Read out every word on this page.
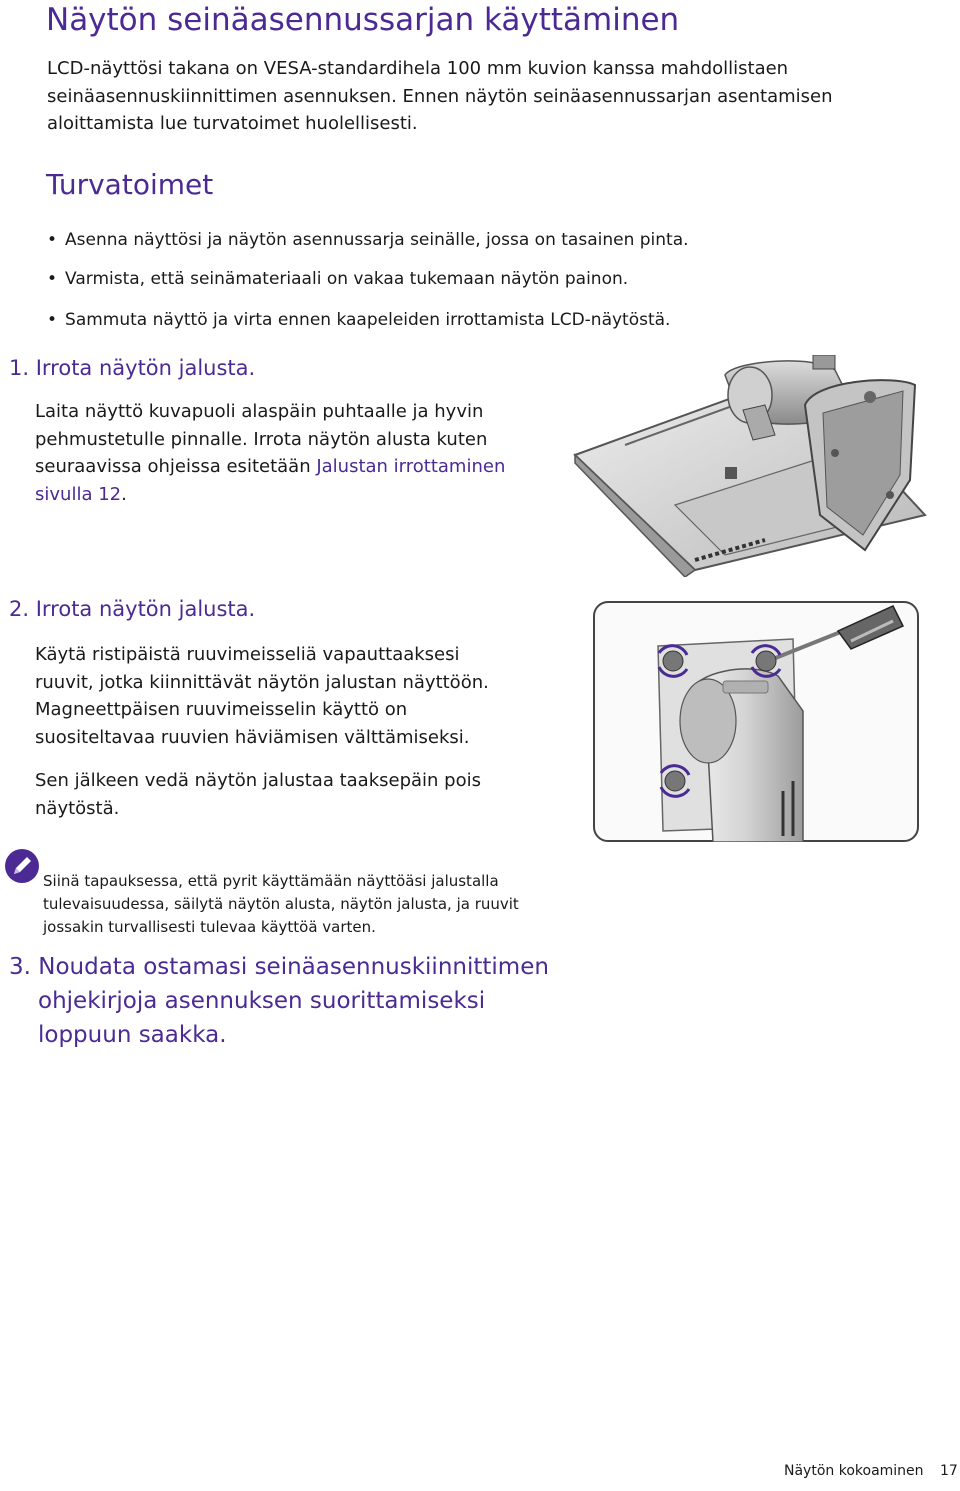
Näytön seinäasennussarjan käyttäminen
LCD-näyttösi takana on VESA-standardihela 100 mm kuvion kanssa mahdollistaen
seinäasennuskiinnittimen asennuksen. Ennen näytön seinäasennussarjan asentamisen
aloittamista lue turvatoimet huolellisesti.
Turvatoimet
• Asenna näyttösi ja näytön asennussarja seinälle, jossa on tasainen pinta.
• Varmista, että seinämateriaali on vakaa tukemaan näytön painon.
• Sammuta näyttö ja virta ennen kaapeleiden irrottamista LCD-näytöstä.
1. Irrota näytön jalusta.
Laita näyttö kuvapuoli alaspäin puhtaalle ja hyvin
pehmustetulle pinnalle. Irrota näytön alusta kuten
seuraavissa ohjeissa esitetään Jalustan irrottaminen
sivulla 12.
2. Irrota näytön jalusta.
Käytä ristipäistä ruuvimeisseliä vapauttaaksesi
ruuvit, jotka kiinnittävät näytön jalustan näyttöön.
Magneettpäisen ruuvimeisselin käyttö on
suositeltavaa ruuvien häviämisen välttämiseksi.
Sen jälkeen vedä näytön jalustaa taaksepäin pois
näytöstä.
Siinä tapauksessa, että pyrit käyttämään näyttöäsi jalustalla
tulevaisuudessa, säilytä näytön alusta, näytön jalusta, ja ruuvit
jossakin turvallisesti tulevaa käyttöä varten.
3. Noudata ostamasi seinäasennuskiinnittimen
ohjekirjoja asennuksen suorittamiseksi
loppuun saakka.
Näytön kokoaminen 17
